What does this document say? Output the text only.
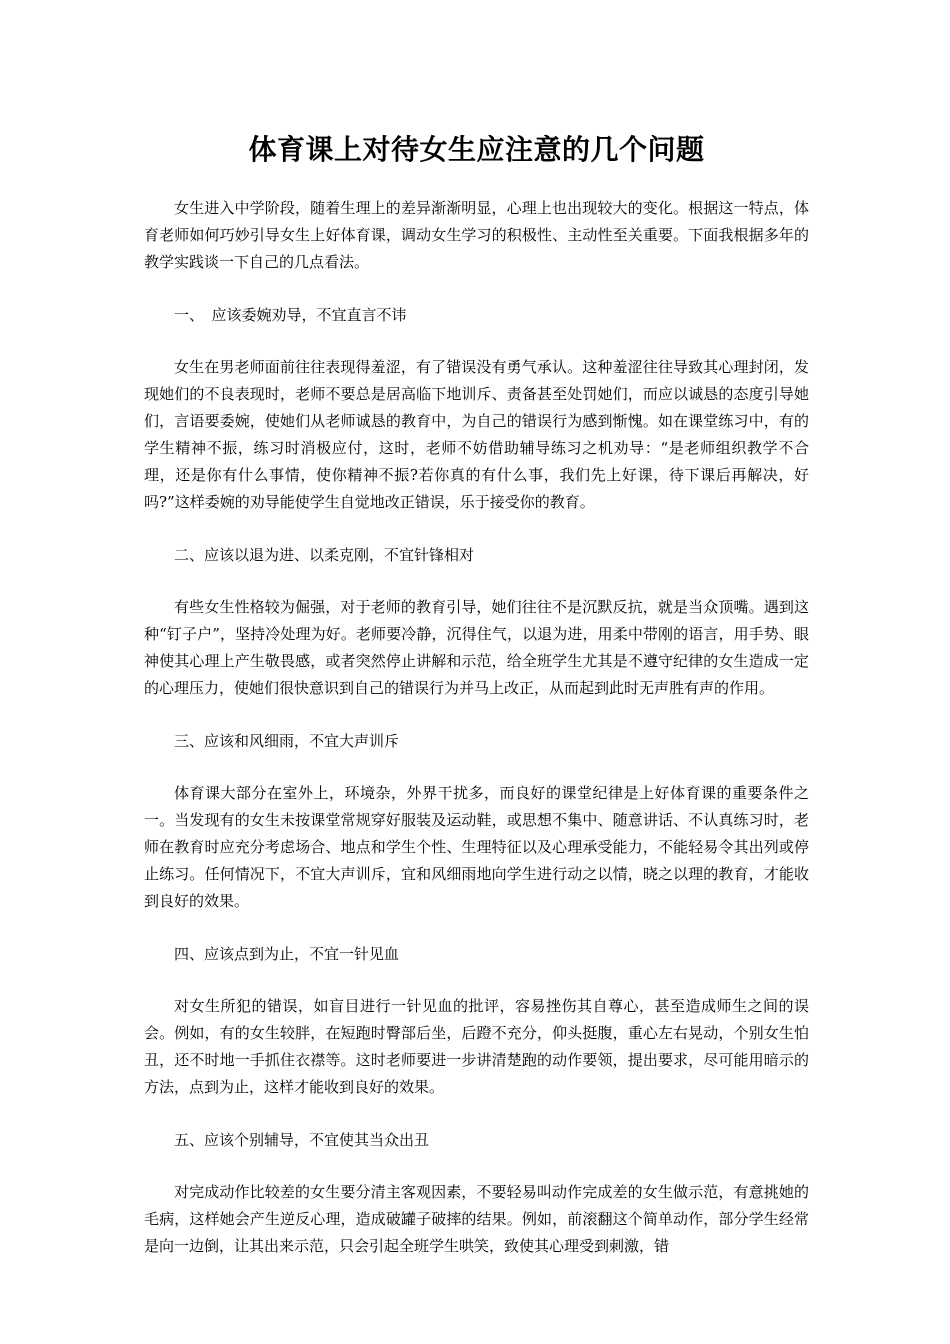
体育课上对待女生应注意的几个问题

女生进入中学阶段，随着生理上的差异渐渐明显，心理上也出现较大的变化。根据这一特点，体育老师如何巧妙引导女生上好体育课，调动女生学习的积极性、主动性至关重要。下面我根据多年的教学实践谈一下自己的几点看法。

一、　应该委婉劝导，不宜直言不讳

女生在男老师面前往往表现得羞涩，有了错误没有勇气承认。这种羞涩往往导致其心理封闭，发现她们的不良表现时，老师不要总是居高临下地训斥、责备甚至处罚她们，而应以诚恳的态度引导她们，言语要委婉，使她们从老师诚恳的教育中，为自己的错误行为感到惭愧。如在课堂练习中，有的学生精神不振，练习时消极应付，这时，老师不妨借助辅导练习之机劝导：“是老师组织教学不合理，还是你有什么事情，使你精神不振?若你真的有什么事，我们先上好课，待下课后再解决，好吗?”这样委婉的劝导能使学生自觉地改正错误，乐于接受你的教育。

二、应该以退为进、以柔克刚，不宜针锋相对

有些女生性格较为倔强，对于老师的教育引导，她们往往不是沉默反抗，就是当众顶嘴。遇到这种“钉子户”，坚持冷处理为好。老师要冷静，沉得住气，以退为进，用柔中带刚的语言，用手势、眼神使其心理上产生敬畏感，或者突然停止讲解和示范，给全班学生尤其是不遵守纪律的女生造成一定的心理压力，使她们很快意识到自己的错误行为并马上改正，从而起到此时无声胜有声的作用。

三、应该和风细雨，不宜大声训斥

体育课大部分在室外上，环境杂，外界干扰多，而良好的课堂纪律是上好体育课的重要条件之一。当发现有的女生未按课堂常规穿好服装及运动鞋，或思想不集中、随意讲话、不认真练习时，老师在教育时应充分考虑场合、地点和学生个性、生理特征以及心理承受能力，不能轻易令其出列或停止练习。任何情况下，不宜大声训斥，宜和风细雨地向学生进行动之以情，晓之以理的教育，才能收到良好的效果。

四、应该点到为止，不宜一针见血

对女生所犯的错误，如盲目进行一针见血的批评，容易挫伤其自尊心，甚至造成师生之间的误会。例如，有的女生较胖，在短跑时臀部后坐，后蹬不充分，仰头挺腹，重心左右晃动，个别女生怕丑，还不时地一手抓住衣襟等。这时老师要进一步讲清楚跑的动作要领，提出要求，尽可能用暗示的方法，点到为止，这样才能收到良好的效果。

五、应该个别辅导，不宜使其当众出丑

对完成动作比较差的女生要分清主客观因素，不要轻易叫动作完成差的女生做示范，有意挑她的毛病，这样她会产生逆反心理，造成破罐子破摔的结果。例如，前滚翻这个简单动作，部分学生经常是向一边倒，让其出来示范，只会引起全班学生哄笑，致使其心理受到刺激，错
